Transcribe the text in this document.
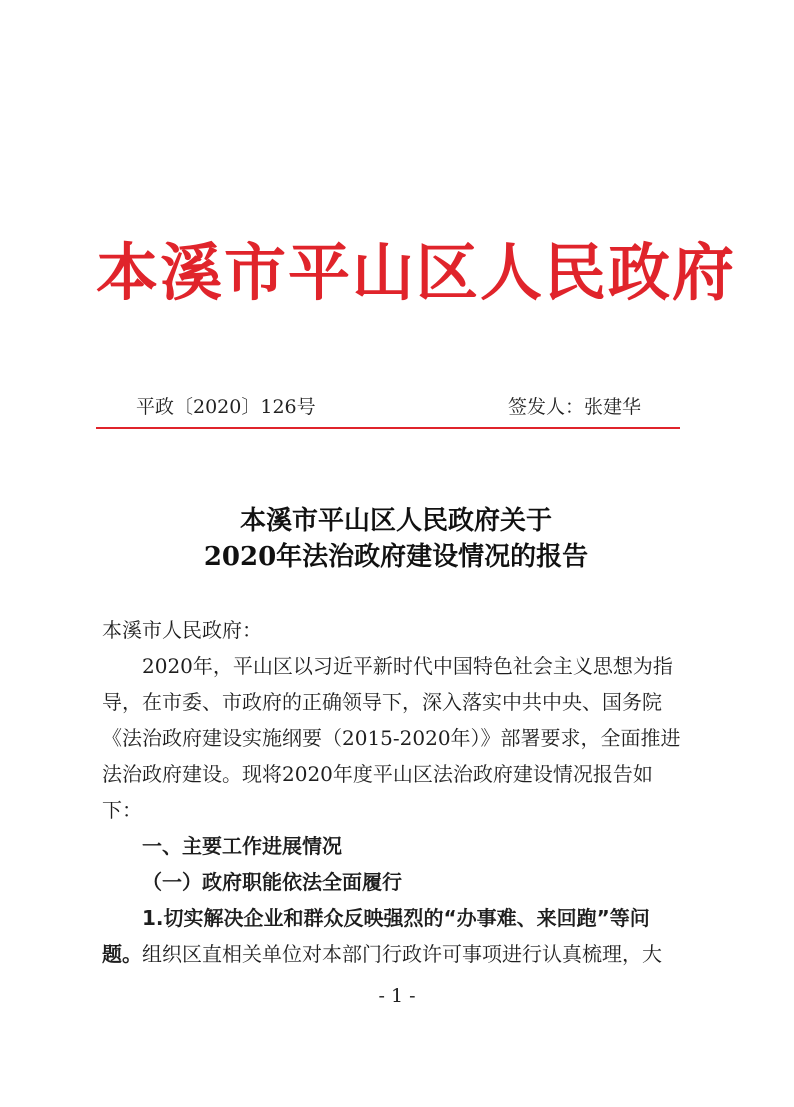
本溪市平山区人民政府
平政〔2020〕126号	签发人：张建华
本溪市平山区人民政府关于
2020年法治政府建设情况的报告
本溪市人民政府：
2020年，平山区以习近平新时代中国特色社会主义思想为指
导，在市委、市政府的正确领导下，深入落实中共中央、国务院
《法治政府建设实施纲要（2015-2020年）》部署要求，全面推进
法治政府建设。现将2020年度平山区法治政府建设情况报告如
下：
一、主要工作进展情况
（一）政府职能依法全面履行
1.切实解决企业和群众反映强烈的“办事难、来回跑”等问
题。组织区直相关单位对本部门行政许可事项进行认真梳理，大
- 1 -
